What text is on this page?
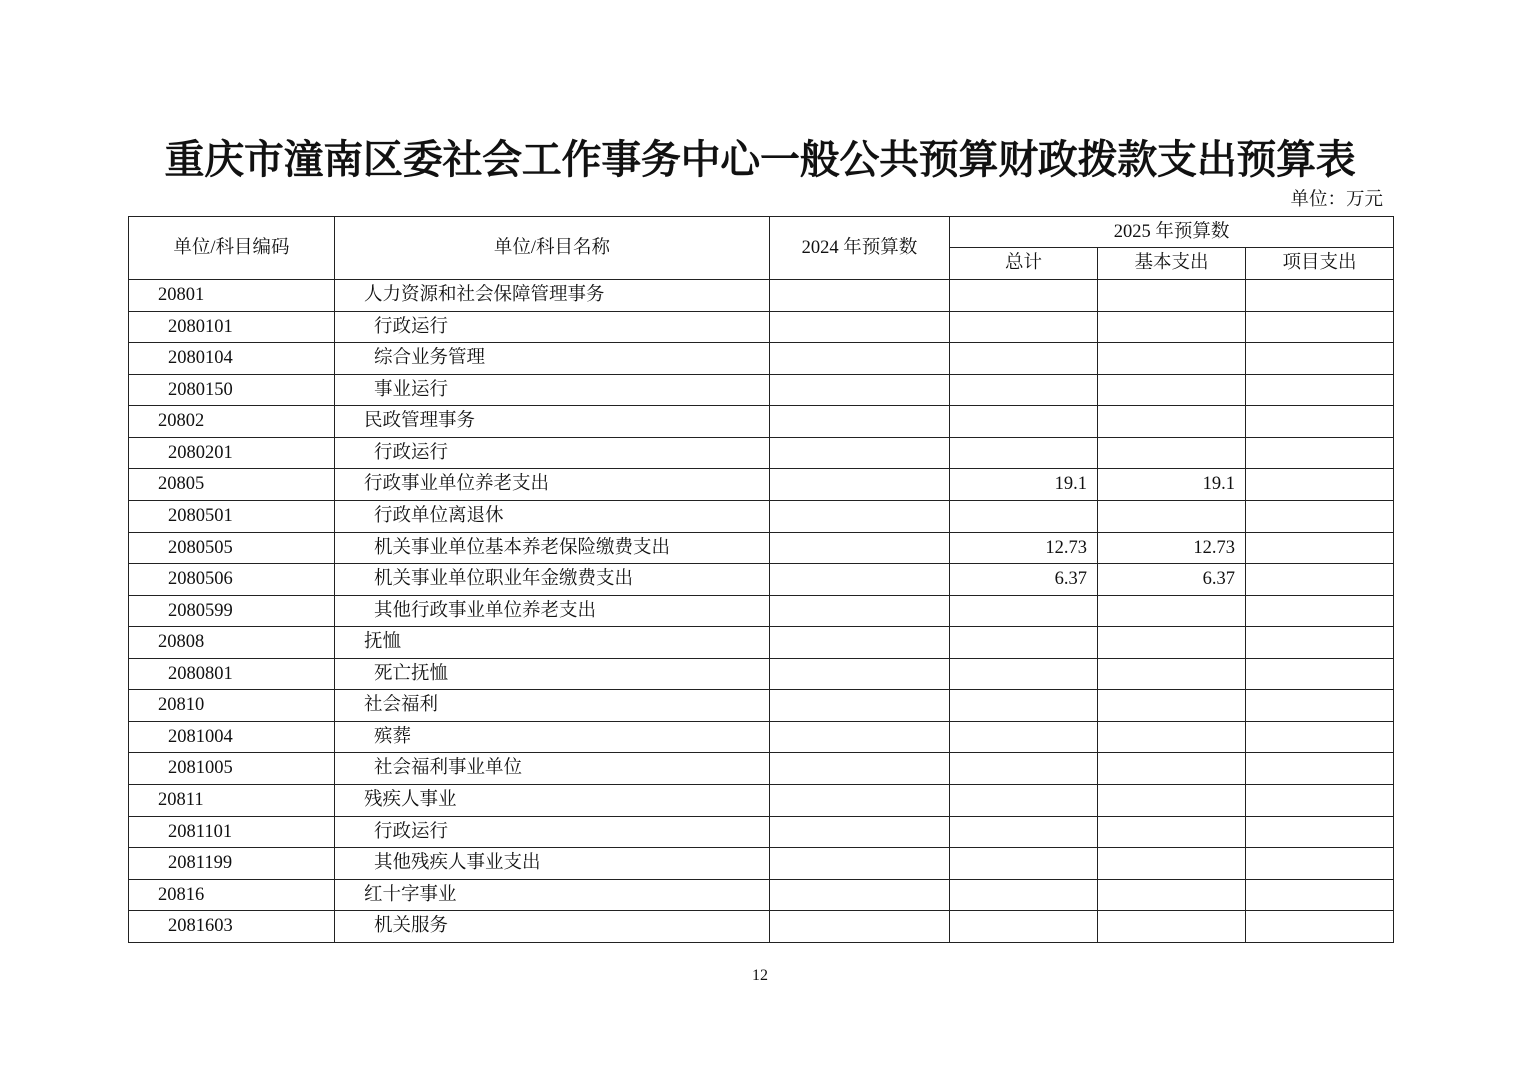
重庆市潼南区委社会工作事务中心一般公共预算财政拨款支出预算表
单位：万元
单位/科目编码	单位/科目名称	2024 年预算数	2025 年预算数		
			总计	基本支出	项目支出
20801	人力资源和社会保障管理事务				
2080101	行政运行				
2080104	综合业务管理				
2080150	事业运行				
20802	民政管理事务				
2080201	行政运行				
20805	行政事业单位养老支出		19.1	19.1	
2080501	行政单位离退休				
2080505	机关事业单位基本养老保险缴费支出		12.73	12.73	
2080506	机关事业单位职业年金缴费支出		6.37	6.37	
2080599	其他行政事业单位养老支出				
20808	抚恤				
2080801	死亡抚恤				
20810	社会福利				
2081004	殡葬				
2081005	社会福利事业单位				
20811	残疾人事业				
2081101	行政运行				
2081199	其他残疾人事业支出				
20816	红十字事业				
2081603	机关服务				
12
